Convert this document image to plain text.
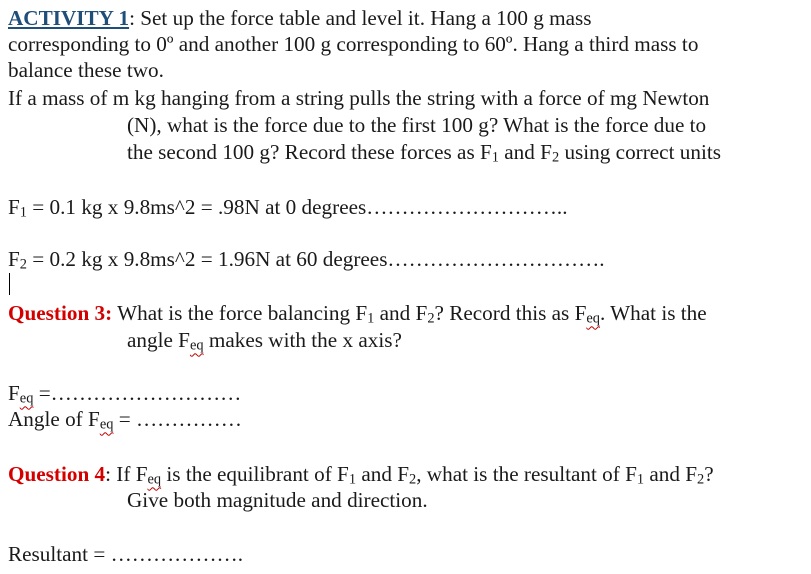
ACTIVITY 1: Set up the force table and level it. Hang a 100 g mass
corresponding to 0º and another 100 g corresponding to 60º. Hang a third mass to
balance these two.
If a mass of m kg hanging from a string pulls the string with a force of mg Newton
(N), what is the force due to the first 100 g? What is the force due to
the second 100 g? Record these forces as F1 and F2 using correct units
F1 = 0.1 kg x 9.8ms^2 = .98N at 0 degrees………………………..
F2 = 0.2 kg x 9.8ms^2 = 1.96N at 60 degrees………………………….
Question 3: What is the force balancing F1 and F2? Record this as Feq. What is the
angle Feq makes with the x axis?
Feq =………………………
Angle of Feq = ……………
Question 4: If Feq is the equilibrant of F1 and F2, what is the resultant of F1 and F2?
Give both magnitude and direction.
Resultant = ……………….
